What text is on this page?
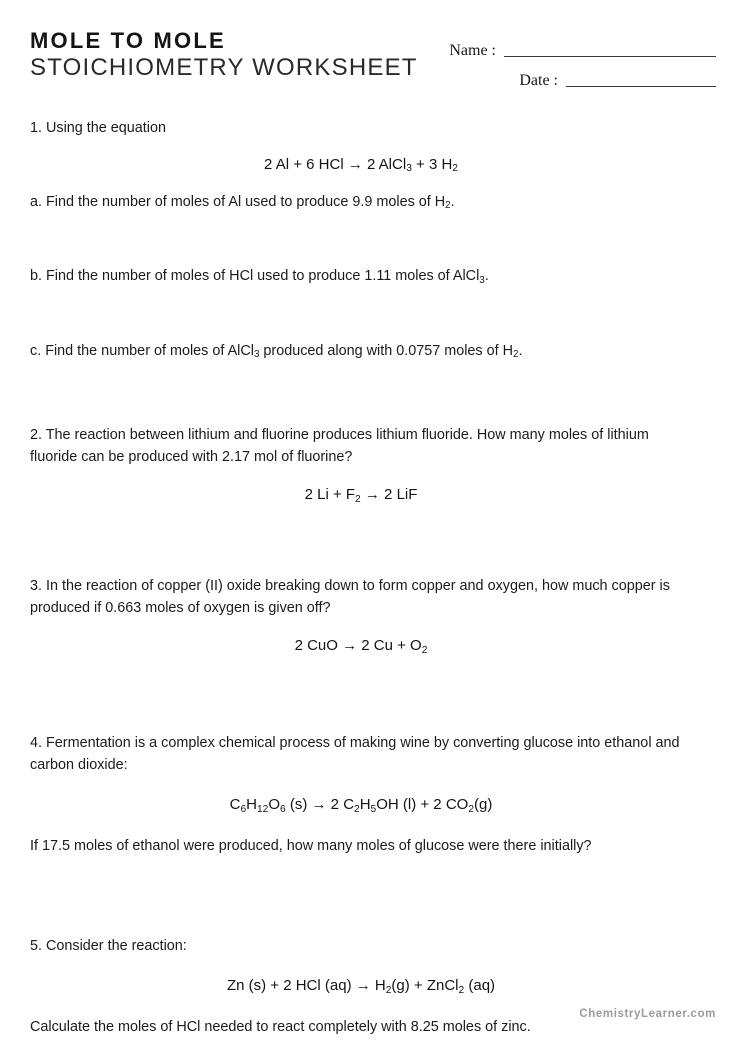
MOLE TO MOLE
STOICHIOMETRY WORKSHEET
Name :
Date :

1. Using the equation

2 Al + 6 HCl → 2 AlCl$_3$ + 3 $H_2$

a. Find the number of moles of Al used to produce 9.9 moles of $H_2$.

b. Find the number of moles of HCl used to produce 1.11 moles of AlCl$_3$.

c. Find the number of moles of AlCl$_3$ produced along with 0.0757 moles of $H_2$.

2. The reaction between lithium and fluorine produces lithium fluoride. How many moles of lithium fluoride can be produced with 2.17 mol of fluorine?

2 $Li + F_2 \to 2$ LiF

3. In the reaction of copper (II) oxide breaking down to form copper and oxygen, how much copper is produced if 0.663 moles of oxygen is given off?

2 CuO → 2 $Cu + O_2$

4. Fermentation is a complex chemical process of making wine by converting glucose into ethanol and carbon dioxide:

$C_6H_{12}O_6$ (s) → 2 $C_2H_5OH$ (l) + 2 $CO_2(g)$

If 17.5 moles of ethanol were produced, how many moles of glucose were there initially?

5. Consider the reaction:

Zn (s) + 2 HCl $(aq) \to H_2(g)$ + ZnCl$_2$ (aq)

Calculate the moles of HCl needed to react completely with 8.25 moles of zinc.

ChemistryLearner.com
